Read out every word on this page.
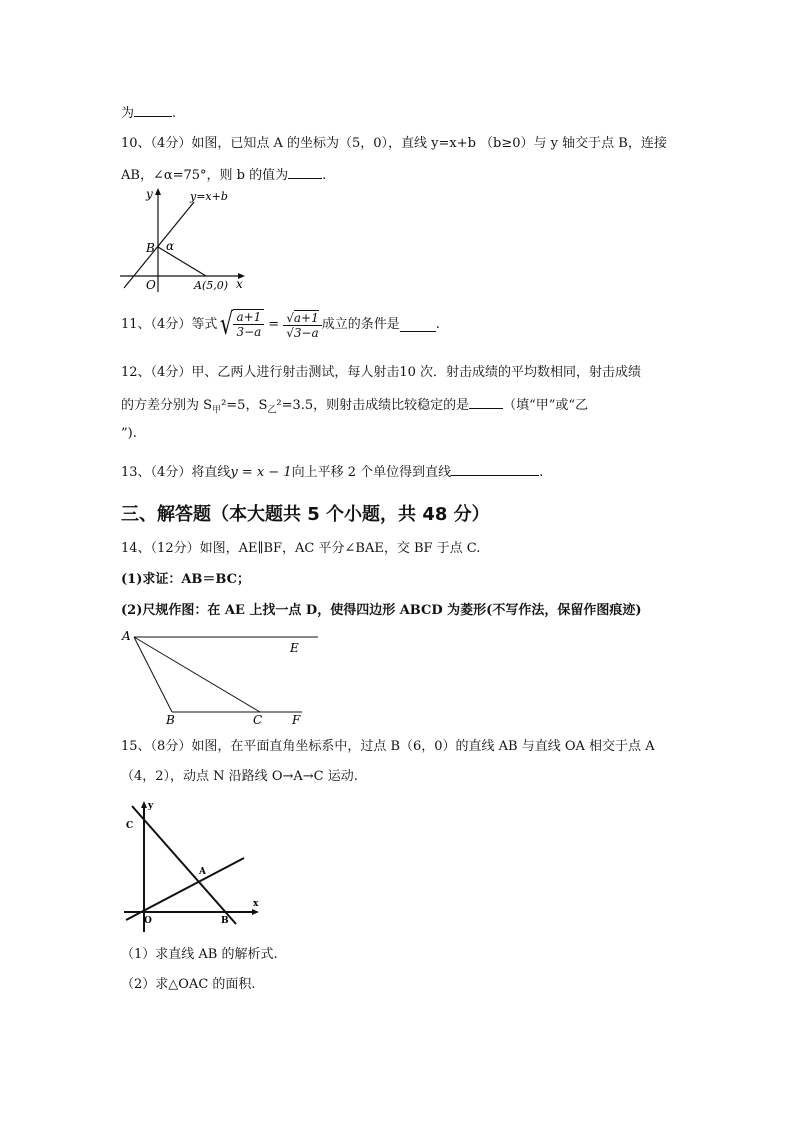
为	.
10、（4分）如图，已知点 A 的坐标为（5，0），直线 y=x+b （b≥0）与 y 轴交于点 B，连接
AB，∠α=75°，则 b 的值为	.
y	y=x+b
B α
O	A(5,0) x
11、（4分）等式 √ $\frac{a+1}{3-a} = \frac{√a+1}{√3-a}$ 成立的条件是	.
12、（4分）甲、乙两人进行射击测试，每人射击10 次．射击成绩的平均数相同，射击成绩
的方差分别为 $S_甲^2=5$，$S_乙^2=3.5$，则射击成绩比较稳定的是	（填“甲”或“乙
”).
13、（4分）将直线y = x − 1向上平移 2 个单位得到直线	.
三、解答题（本大题共 5 个小题，共 48 分）
14、（12分）如图，AE∥BF，AC 平分∠BAE，交 BF 于点 C.
(1)求证：AB＝BC；
(2)尺规作图：在 AE 上找一点 D，使得四边形 ABCD 为菱形(不写作法，保留作图痕迹)
A
E
B	C F
15、（8分）如图，在平面直角坐标系中，过点 B（6，0）的直线 AB 与直线 OA 相交于点 A
（4，2），动点 N 沿路线 O→A→C 运动.
y
C
A
O	B
x
（1）求直线 AB 的解析式.
（2）求△OAC 的面积.
